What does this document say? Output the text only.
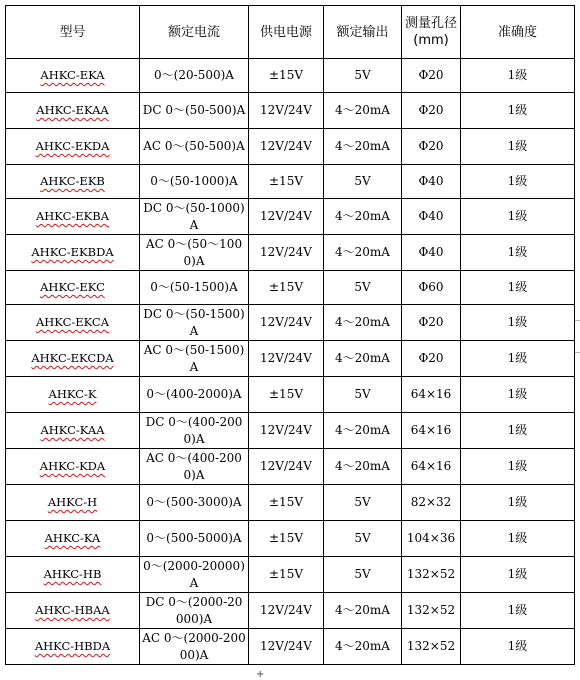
型号	额定电流	供电电源	额定输出	测量孔径(mm)	准确度
AHKC-EKA	0～(20-500)A	±15V	5V	Φ20	1级
AHKC-EKAA	DC 0～(50-500)A	12V/24V	4～20mA	Φ20	1级
AHKC-EKDA	AC 0～(50-500)A	12V/24V	4～20mA	Φ20	1级
AHKC-EKB	0～(50-1000)A	±15V	5V	Φ40	1级
AHKC-EKBA	DC 0～(50-1000)A	12V/24V	4～20mA	Φ40	1级
AHKC-EKBDA	AC 0～(50～1000)A	12V/24V	4～20mA	Φ40	1级
AHKC-EKC	0～(50-1500)A	±15V	5V	Φ60	1级
AHKC-EKCA	DC 0～(50-1500)A	12V/24V	4～20mA	Φ20	1级
AHKC-EKCDA	AC 0～(50-1500)A	12V/24V	4～20mA	Φ20	1级
AHKC-K	0～(400-2000)A	±15V	5V	64×16	1级
AHKC-KAA	DC 0～(400-2000)A	12V/24V	4～20mA	64×16	1级
AHKC-KDA	AC 0～(400-2000)A	12V/24V	4～20mA	64×16	1级
AHKC-H	0～(500-3000)A	±15V	5V	82×32	1级
AHKC-KA	0～(500-5000)A	±15V	5V	104×36	1级
AHKC-HB	0～(2000-20000)A	±15V	5V	132×52	1级
AHKC-HBAA	DC 0～(2000-20000)A	12V/24V	4～20mA	132×52	1级
AHKC-HBDA	AC 0～(2000-20000)A	12V/24V	4～20mA	132×52	1级
+
